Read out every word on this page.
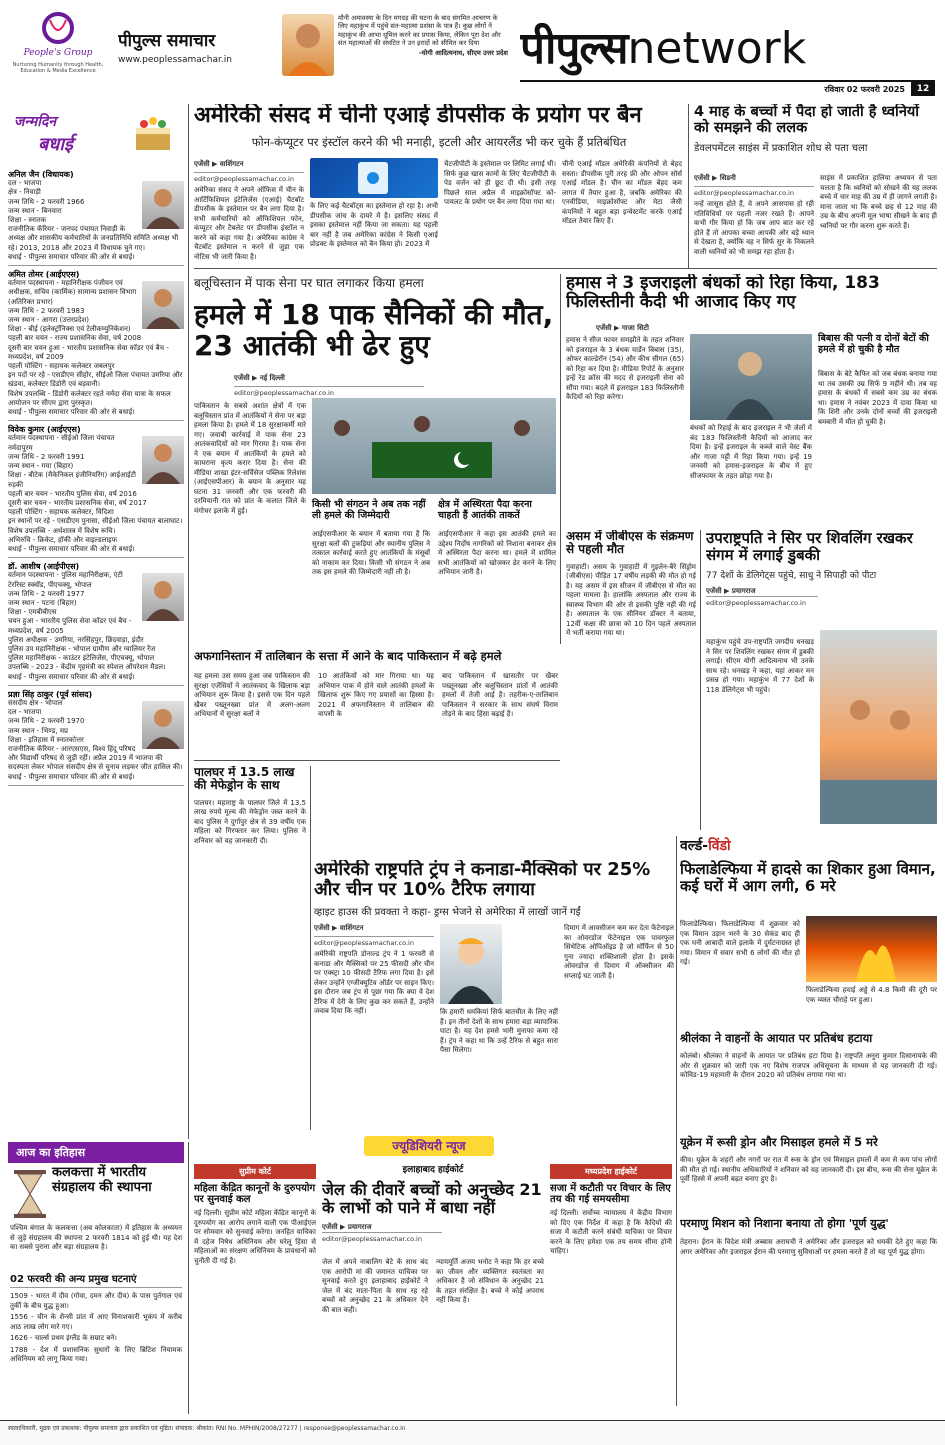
People's Group
Nurturing Humanity through Health, Education & Media Excellence
पीपुल्स समाचार
www.peoplessamachar.in
मौनी अमावस्या के दिन मगदड़ की घटना के बाद संगमित आचरण के लिए महाकुंभ में पहुंचे संत-महात्मा प्रशंसा के पात्र हैं। कुछ लोगों ने महाकुंभ की आभा धूमिल करने का प्रयास किया, लेकिन पूरा देश और संत महात्माओं की संघटित ने उन इरादों को सीमित कर दिया
-योगी आदित्यनाथ, सीएम उत्तर प्रदेश पीपुल्सnetwork
रविवार 02 फरवरी 2025	12
जन्मदिन
बधाई
अनिल जैन (विधायक)
दल - भाजपा
क्षेत्र - निवाड़ी
जन्म तिथि - 2 फरवरी 1966
जन्म स्थान - बिनवारा
शिक्षा - स्नातक
राजनीतिक कॅरियर - जनपद पंचायत निवाड़ी के अध्यक्ष और शासकीय कर्मचारियों के जनप्रतिनिधि समिति अध्यक्ष भी रहे। 2013, 2018 और 2023 में विधायक चुने गए।
बधाई - पीपुल्स समाचार परिवार की ओर से बधाई।
अमित तोमर (आईएएस)
वर्तमान पदस्थापना - महानिरीक्षक पंजीयन एवं अधीक्षक, सचिव (कार्मिक) सामान्य प्रशासन विभाग (अतिरिक्त प्रभार)
जन्म तिथि - 2 फरवरी 1983
जन्म स्थान - आगरा (उत्तरप्रदेश)
शिक्षा - बीई (इलेक्ट्रॉनिक्स एवं टेलीकम्युनिकेशन)
पहली बार चयन - राज्य प्रशासनिक सेवा, वर्ष 2008
दूसरी बार चयन हुआ - भारतीय प्रशासनिक सेवा कॉडर एवं बैच - मध्यप्रदेश, वर्ष 2009
पहली पोस्टिंग - सहायक कलेक्टर जबलपुर
इन पदों पर रहे - एसडीएम सीहोर, सीईओ जिला पंचायत उमरिया और खंडवा, कलेक्टर डिंडोरी एवं बड़वानी।
विशेष उपलब्धि - डिंडोरी कलेक्टर रहते नर्मदा सेवा यात्रा के सफल आयोजन पर सीएम द्वारा पुरस्कृत।
बधाई - पीपुल्स समाचार परिवार की ओर से बधाई।
विवेक कुमार (आईएएस)
वर्तमान पदस्थापना - सीईओ जिला पंचायत नर्मदापुरम
जन्म तिथि - 2 फरवरी 1991
जन्म स्थान - गया (बिहार)
शिक्षा - बीटेक (मैकेनिकल इंजीनियरिंग) आईआईटी रुड़की
पहली बार चयन - भारतीय पुलिस सेवा, वर्ष 2016
दूसरी बार चयन - भारतीय प्रशासनिक सेवा, वर्ष 2017
पहली पोस्टिंग - सहायक कलेक्टर, विदिशा
इन स्थानों पर रहे - एसडीएम पुनासा, सीईओ जिला पंचायत बालाघाट।
विशेष उपलब्धि - अर्थशास्त्र में विशेष रूचि।
अभिरुचि - क्रिकेट, हॉकी और वाइल्डलाइफ
बधाई - पीपुल्स समाचार परिवार की ओर से बधाई।
डॉ. आशीष (आईपीएस)
वर्तमान पदस्थापना - पुलिस महानिरीक्षक, एंटी टेररिस्ट स्क्वॉड, पीएचक्यू, भोपाल
जन्म तिथि - 2 फरवरी 1977
जन्म स्थान - पटना (बिहार)
शिक्षा - एमबीबीएस
चयन हुआ - भारतीय पुलिस सेवा कॉडर एवं बैच - मध्यप्रदेश, वर्ष 2005
पुलिस अधीक्षक - उमरिया, नरसिंहपुर, छिंदवाड़ा, इंदौर
पुलिस उप महानिरीक्षक - भोपाल ग्रामीण और ग्वालियर रेंज
पुलिस महानिरीक्षक - काउंटर इंटेलिजेंस, पीएचक्यू, भोपाल
उपलब्धि - 2023 - केंद्रीय गृहमंत्री का स्पेशल ऑपरेशन मैडल।
बधाई - पीपुल्स समाचार परिवार की ओर से बधाई।
प्रज्ञा सिंह ठाकुर (पूर्व सांसद)
संसदीय क्षेत्र - भोपाल
दल - भाजपा
जन्म तिथि - 2 फरवरी 1970
जन्म स्थान - भिण्ड, मप्र
शिक्षा - इतिहास में स्नातकोत्तर
राजनीतिक कॅरियर - आरएसएस, विश्व हिंदू परिषद और विद्यार्थी परिषद से जुड़ी रहीं। अप्रैल 2019 में भाजपा की सदस्यता लेकर भोपाल संसदीय क्षेत्र से चुनाव लड़कर जीत हासिल की।
बधाई - पीपुल्स समाचार परिवार की ओर से बधाई।
आज का इतिहास
कलकत्ता में भारतीय संग्रहालय की स्थापना
पश्चिम बंगाल के कलकत्ता (अब कोलकाता) में इतिहास के अध्ययन से जुड़े संग्रहालय की स्थापना 2 फरवरी 1814 को हुई थी। यह देश का सबसे पुराना और बड़ा संग्रहालय है।
02 फरवरी की अन्य प्रमुख घटनाएं
1509 - भारत में दीव (गोवा, दमन और दीव) के पास पुर्तगाल एवं तुर्की के बीच युद्ध हुआ।
1556 - चीन के शैन्सी प्रांत में आए विनाशकारी भूकंप में करीब आठ लाख लोग मारे गए।
1626 - चार्ल्स प्रथम इंग्लैंड के सम्राट बने।
1788 - देश में प्रशासनिक सुधारों के लिए ब्रिटिश नियामक अधिनियम को लागू किया गया।
अमेरिकी संसद में चीनी एआई डीपसीक के प्रयोग पर बैन
फोन-कंप्यूटर पर इंस्टॉल करने की भी मनाही, इटली और आयरलैंड भी कर चुके हैं प्रतिबंधित
एजेंसी ▶ वाशिंगटन
editor@peoplessamachar.co.in
अमेरिका संसद ने अपने ऑफिस में चीन के आर्टिफिशियल इंटेलिजेंस (एआई) चैटबॉट डीपसीक के इस्तेमाल पर बैन लगा दिया है। सभी कर्मचारियों को ऑफिशियल फोन, कंप्यूटर और टैबलेट पर डीपसीक इंस्टॉल न करने को कहा गया है। अमेरिका कांग्रेस ने चैटबॉट इस्तेमाल न करने से जुड़ा एक नोटिस भी जारी किया है।
के लिए कई चैटबॉट्स का इस्तेमाल हो रहा है। अभी डीपसीक जांच के दायरे में है। इसलिए संसद में इसका इस्तेमाल नहीं किया जा सकता। यह पहली बार नहीं है जब अमेरिका कांग्रेस ने किसी एआई प्रोडक्ट के इस्तेमाल को बैन किया हो। 2023 में
चैटजीपीटी के इस्तेमाल पर लिमिट लगाई थी। सिर्फ कुछ खास कामों के लिए चैटजीपीटी के पेड वर्जन को ही छूट दी थी। इसी तरह पिछले साल अप्रैल में माइक्रोसॉफ्ट को-पायलट के प्रयोग पर बैन लगा दिया गया था।
चीनी एआई मॉडल अमेरिकी कंपनियों से बेहद सस्ता। डीपसीक पूरी तरह फ्री और ओपन सोर्स एआई मॉडल है। चीन का मॉडल बेहद कम लागत में तैयार हुआ है, जबकि अमेरिका की एनवीडिया, माइक्रोसॉफ्ट और मेटा जैसी कंपनियों ने बहुत बड़ा इन्वेस्टमेंट करके एआई मॉडल तैयार किए हैं।
4 माह के बच्चों में पैदा हो जाती है ध्वनियों को समझने की ललक
डेवलपमेंटल साइंस में प्रकाशित शोध से पता चला
एजेंसी ▶ सिडनी
editor@peoplessamachar.co.in
नन्हें जासूस होते हैं, वे अपने आसपास हो रही गतिविधियों पर पहली नजर रखते हैं। आपने कभी गौर किया हो कि जब आप बात कर रहे होते हैं तो आपका बच्चा आपकी ओर बड़े ध्यान से देखता है, क्योंकि वह न सिर्फ सुर के निकलने वाली ध्वनियों को भी समझ रहा होता है।
साइंस में प्रकाशित हालिया अध्ययन से पता चलता है कि ध्वनियों को सोखने की यह ललक बच्चे में चार माह की उम्र में ही जागने लगती है। माना जाता था कि बच्चे छह से 12 माह की उम्र के बीच अपनी मूल भाषा सीखने के बाद ही ध्वनियों पर गौर करना शुरू करते हैं।
बलूचिस्तान में पाक सेना पर घात लगाकर किया हमला
हमले में 18 पाक सैनिकों की मौत, 23 आतंकी भी ढेर हुए
एजेंसी ▶ नई दिल्ली
editor@peoplessamachar.co.in
पाकिस्तान के सबसे अशांत क्षेत्रों में एक बलूचिस्तान प्रांत में आतंकियों ने सेना पर बड़ा हमला किया है। हमले में 18 सुरक्षाकर्मी मारे गए। जवाबी कार्रवाई में पाक सेना 23 आतंकवादियों को मार गिराया है। पाक सेना ने एक बयान में आतंकियों के हमले को कायराना कृत्य करार दिया है। सेना की मीडिया शाखा इंटर-सर्विसेज पब्लिक रिलेशंस (आईएसपीआर) के बयान के अनुसार यह घटना 31 जनवरी और एक फरवरी की दरमियानी रात को प्रांत के कलात जिले के मंगोचर इलाके में हुई।
किसी भी संगठन ने अब तक नहीं ली हमले की जिम्मेदारी
आईएसपीआर के बयान में बताया गया है कि सुरक्षा बलों की टुकड़ियां और स्थानीय पुलिस ने तत्काल कार्रवाई करते हुए आतंकियों के मंसूबों को नाकाम कर दिया। किसी भी संगठन ने अब तक इस हमले की जिम्मेदारी नहीं ली है।
क्षेत्र में अस्थिरता पैदा करना चाहती हैं आतंकी ताकतें
आईएसपीआर ने कहा इस आतंकी हमले का उद्देश्य निर्दोष नागरिकों को निशाना बनाकर क्षेत्र में अस्थिरता पैदा करना था। हमले में शामिल सभी आतंकियों को खोजकर ढेर करने के लिए अभियान जारी है।
हमास ने 3 इजराइली बंधकों को रिहा किया, 183 फिलिस्तीनी कैदी भी आजाद किए गए
एजेंसी ▶ गाजा सिटी
हमास ने सीज फायर समझौते के तहत शनिवार को इजराइल के 3 बंधक यार्डेन बिबास (35), ओफर काल्डेरॉन (54) और कीथ सीगल (65) को रिहा कर दिया है। मीडिया रिपोर्ट के अनुसार इन्हें रेड क्रॉस की मदद से इजराइली सेना को सौंपा गया। बदले में इजराइल 183 फिलिस्तीनी कैदियों को रिहा करेगा।
बंधकों को रिहाई के बाद इजराइल ने भी जेलों में बंद 183 फिलिस्तीनी कैदियों को आजाद कर दिया है। इन्हें इजराइल के कब्जे वाले वेस्ट बैंक और गाजा पट्टी में रिहा किया गया। इन्हें 19 जनवरी को हमास-इजराइल के बीच में हुए सीजफायर के तहत छोड़ा गया है।
बिबास की पत्नी व दोनों बेटों की हमले में हो चुकी है मौत
बिबास के बेटे कैफिर को जब बंधक बनाया गया था तब उसकी उम्र सिर्फ 9 महीने थी। तब वह हमास के बंधकों में सबसे कम उम्र का बंधक था। हमास ने नवंबर 2023 में दावा किया था कि शिरी और उनके दोनों बच्चों की इजराइली बमबारी में मौत हो चुकी है।
असम में जीबीएस के संक्रमण से पहली मौत
गुवाहाटी। असम के गुवाहाटी में गुइलेन-बैरे सिंड्रोम (जीबीएस) पीड़ित 17 वर्षीय लड़की की मौत हो गई है। यह असम में इस सीजन में जीबीएस से मौत का पहला मामला है। हालांकि अस्पताल और राज्य के स्वास्थ्य विभाग की ओर से इसकी पुष्टि नहीं की गई है। अस्पताल के एक सीनियर डॉक्टर ने बताया, 12वीं कक्षा की छात्रा को 10 दिन पहले अस्पताल में भर्ती कराया गया था।
उपराष्ट्रपति ने सिर पर शिवलिंग रखकर संगम में लगाई डुबकी
77 देशों के डेलिगेट्स पहुंचे, साधु ने सिपाही को पीटा
एजेंसी ▶ प्रयागराज
editor@peoplessamachar.co.in
महाकुंभ पहुंचे उप-राष्ट्रपति जगदीप धनखड़ ने सिर पर शिवलिंग रखकर संगम में डुबकी लगाई। सीएम योगी आदित्यनाथ भी उनके साथ रहे। धनखड़ ने कहा, यहां आकर मन प्रसन्न हो गया। महाकुंभ में 77 देशों के 118 डेलिगेट्स भी पहुंचे।
अफगानिस्तान में तालिबान के सत्ता में आने के बाद पाकिस्तान में बढ़े हमले
यह हमला उस समय हुआ जब पाकिस्तान की सुरक्षा एजेंसियों ने आतंकवाद के खिलाफ बड़ा अभियान शुरू किया है। इससे एक दिन पहले खैबर पख्तूनख्वा प्रांत में अलग-अलग अभियानों में सुरक्षा बलों ने
10 आतंकियों को मार गिराया था। यह अभियान पाक में होने वाले आतंकी हमलों के खिलाफ शुरू किए गए प्रयासों का हिस्सा है। 2021 में अफगानिस्तान में तालिबान की वापसी के
बाद पाकिस्तान में खासतौर पर खैबर पख्तूनख्वा और बलूचिस्तान प्रांतों में आतंकी हमलों में तेजी आई है। तहरीक-ए-तालिबान पाकिस्तान ने सरकार के साथ संघर्ष विराम तोड़ने के बाद हिंसा बढ़ाई है।
अमेरिकी राष्ट्रपति ट्रंप ने कनाडा-मैक्सिको पर 25% और चीन पर 10% टैरिफ लगाया
व्हाइट हाउस की प्रवक्ता ने कहा- ड्रग्स भेजने से अमेरिका में लाखों जानें गईं
एजेंसी ▶ वाशिंगटन
editor@peoplessamachar.co.in
अमेरिकी राष्ट्रपति डोनाल्ड ट्रंप ने 1 फरवरी से कनाडा और मैक्सिको पर 25 फीसदी और चीन पर एक्स्ट्रा 10 फीसदी टैरिफ लगा दिया है। इसे लेकर उन्होंने एग्जीक्यूटिव ऑर्डर पर साइन किए। इस दौरान जब ट्रंप से पूछा गया कि क्या वे देश टैरिफ में देरी के लिए कुछ कर सकते हैं, उन्होंने जवाब दिया कि नहीं।	कि हमारी धमकियां सिर्फ बातचीत के लिए नहीं हैं। इन तीनों देशों के साथ हमारा बड़ा व्यापारिक घाटा है। यह देश हमसे भारी मुनाफा कमा रहे हैं। ट्रंप ने कहा था कि उन्हें टैरिफ से बहुत सारा पैसा मिलेगा।
दिमाग में आवसीजन कम कर देता फेंटेनाइल का ओवरडोज फेंटेनाइल एक पावरफुल सिंथेटिक ओपिऑइड है जो मॉर्फिन से 50 गुना ज्यादा शक्तिशाली होता है। इसके ओवरडोज से दिमाग में ऑक्सीजन की सप्लाई घट जाती है।
पालघर में 13.5 लाख की मेफेड्रोन के साथ
पालघर। महाराष्ट्र के पालघर जिले में 13.5 लाख रुपये मूल्य की मेफेड्रोन जब्त करने के बाद पुलिस ने दुर्गापुर क्षेत्र से 39 वर्षीय एक महिला को गिरफ्तार कर लिया। पुलिस ने शनिवार को यह जानकारी दी।	वर्ल्ड-विंडो
फिलाडेल्फिया में हादसे का शिकार हुआ विमान, कई घरों में आग लगी, 6 मरे
फिलाडेल्फिया। फिलाडेल्फिया में शुक्रवार को एक विमान उड़ान भरने के 30 सेकंड बाद ही एक घनी आबादी वाले इलाके में दुर्घटनाग्रस्त हो गया। विमान में सवार सभी 6 लोगों की मौत हो गई।
फिलाडेल्फिया हवाई अड्डे से 4.8 किमी की दूरी पर एक व्यस्त चौराहे पर हुआ।
श्रीलंका ने वाहनों के आयात पर प्रतिबंध हटाया
कोलंबो। श्रीलंका ने वाहनों के आयात पर प्रतिबंध हटा दिया है। राष्ट्रपति अनुरा कुमार दिसानायके की ओर से शुक्रवार को जारी एक नए विशेष राजपत्र अधिसूचना के माध्यम से यह जानकारी दी गई। कोविड-19 महामारी के दौरान 2020 को प्रतिबंध लगाया गया था।
यूक्रेन में रूसी ड्रोन और मिसाइल हमले में 5 मरे
कीव। यूक्रेन के शहरों और नगरों पर रात में रूस के ड्रोन एवं मिसाइल हमलों में कम से कम पांच लोगों की मौत हो गई। स्थानीय अधिकारियों ने शनिवार को यह जानकारी दी। इस बीच, रूस की सेना यूक्रेन के पूर्वी हिस्से में अपनी बढ़त बनाए हुए है।
परमाणु मिशन को निशाना बनाया तो होगा 'पूर्ण युद्ध'
तेहरान। ईरान के विदेश मंत्री अब्बास अराघची ने अमेरिका और इजराइल को धमकी देते हुए कहा कि अगर अमेरिका और इजराइल ईरान की परमाणु सुविधाओं पर हमला करते हैं तो यह पूर्ण युद्ध होगा।
ज्यूडिशियरी न्यूज
सुप्रीम कोर्ट
महिला केंद्रित कानूनों के दुरुपयोग पर सुनवाई कल
नई दिल्ली। सुप्रीम कोर्ट महिला केंद्रित कानूनों के दुरुपयोग का आरोप लगाने वाली एक पीआईएल पर सोमवार को सुनवाई करेगा। जनहित याचिका में दहेज निषेध अधिनियम और घरेलू हिंसा से महिलाओं का संरक्षण अधिनियम के प्रावधानों को चुनौती दी गई है।
इलाहाबाद हाईकोर्ट
जेल की दीवारें बच्चों को अनुच्छेद 21 के लाभों को पाने में बाधा नहीं
एजेंसी ▶ प्रयागराज
editor@peoplessamachar.co.in
जेल में अपने नाबालिग बेटे के साथ बंद एक आरोपी मां की जमानत याचिका पर सुनवाई करते हुए इलाहाबाद हाईकोर्ट ने जेल में बंद माता-पिता के साथ रह रहे बच्चों को अनुच्छेद 21 के अधिकार देने की बात कही।
न्यायमूर्ति अजय भनोट ने कहा कि हर बच्चे का जीवन और व्यक्तिगत स्वतंत्रता का अधिकार है जो संविधान के अनुच्छेद 21 के तहत संरक्षित है। बच्चे ने कोई अपराध नहीं किया है।
मध्यप्रदेश हाईकोर्ट
सजा में कटौती पर विचार के लिए तय की गई समयसीमा
नई दिल्ली। सर्वोच्च न्यायालय ने केंद्रीय विभाग को दिए एक निर्देश में कहा है कि कैदियों की सजा में कटौती करने संबंधी याचिका पर विचार करने के लिए हमेशा एक तय समय सीमा होनी चाहिए।
स्वत्वाधिकारी, मुद्रक एवं प्रकाशक: पीपुल्स समाचार द्वारा प्रकाशित एवं मुद्रित। संपादक: श्रीकांत। RNI No. MPHIN/2008/27277 | response@peoplessamachar.co.in
